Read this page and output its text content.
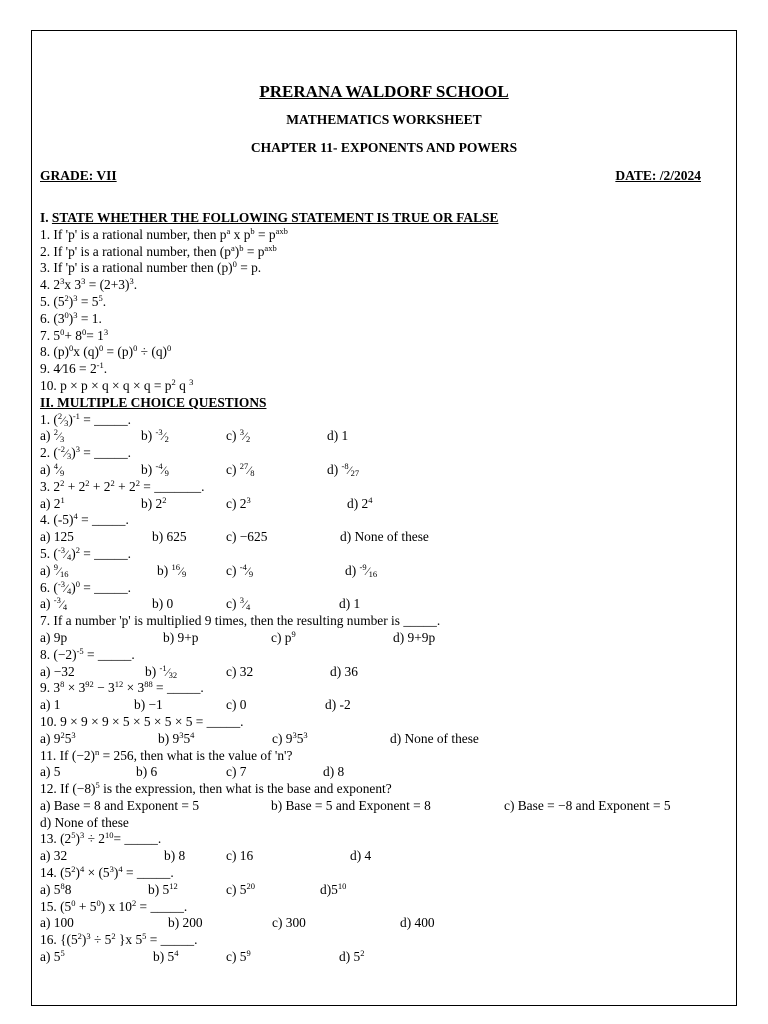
PRERANA WALDORF SCHOOL
MATHEMATICS WORKSHEET
CHAPTER 11- EXPONENTS AND POWERS
GRADE: VII	DATE: /2/2024
I. STATE WHETHER THE FOLLOWING STATEMENT IS TRUE OR FALSE
1. If 'p' is a rational number, then $p^a$ x $p^b = p^{axb}$
2. If 'p' is a rational number, then $(p^a)^b = p^{axb}$
3. If 'p' is a rational number then $(p)^0 = p$.
4. $2^3x$ $3^3 = (2+3)^3$.
5. $(5^2)^3 = 5^5$.
6. $(3^0)^3 = 1$.
7. $5^0+ 8^0= 1^3$
8. $(p)^0x$ $(q)^0 = (p)^0 \div (q)^0$
9. 4⁄16 = $2^{-1}$.
10. $p \times p \times q \times q \times q = p^2$ q $^3$
II. MULTIPLE CHOICE QUESTIONS
1. $(^2⁄_3)^{-1}$ = _____.
a) $^2⁄_3$	b) $^{-3}⁄_2$	c) $^3⁄_2$	d) 1
2. $(^{-2}⁄_3)^3$ = _____.
a) $^4⁄_9$	b) $^{-4}⁄_9$	c) $^{27}⁄_8$	d) $^{-8}⁄_{27}$
3. $2^2 + 2^2 + 2^2 + 2^2$ = _______.
a) $2^1$	b) $2^2$	c) $2^3$	d) $2^4$
4. $(-5)^4$ = _____.
a) 125	b) 625	c) −625	d) None of these
5. $(^{-3}⁄_4)^2$ = _____.
a) $^9⁄_{16}$	b) $^{16}⁄_9$	c) $^{-4}⁄_9$	d) $^{-9}⁄_{16}$
6. $(^{-3}⁄_4)^0$ = _____.
a) $^{-3}⁄_4$	b) 0	c) $^3⁄_4$	d) 1
7. If a number 'p' is multiplied 9 times, then the resulting number is _____.
a) 9p	b) 9+p	c) $p^9$	d) 9+9p
8. $(-2)^{-5}$ = _____.
a) −32	b) $^{-1}⁄_{32}$	c) 32	d) 36
9. $3^8 \times 3^{92} - 3^{12} \times 3^{88}$ = _____.
a) 1	b) −1	c) 0	d) -2
10. 9 × 9 × 9 × 5 × 5 × 5 × 5 = _____.
a) $9^25^3$	b) $9^35^4$	c) $9^35^3$	d) None of these
11. If $(-2)^n = 256$, then what is the value of 'n'?
a) 5	b) 6	c) 7	d) 8
12. If $(-8)^5$ is the expression, then what is the base and exponent?
a) Base = 8 and Exponent = 5	b) Base = 5 and Exponent = 8	c) Base = −8 and Exponent = 5
d) None of these
13. $(2^5)^3 \div 2^{10}=$ _____.
a) 32	b) 8	c) 16	d) 4
14. $(5^2)^4 \times (5^3)^4$ = _____.
a) $5^88$	b) $5^{12}$	c) $5^{20}$	$d)5^{10}$
15. $(5^0 + 5^0)$ x $10^2$ = _____.
a) 100	b) 200	c) 300	d) 400
16. {$(5^2)^3 \div 5^2$ }x $5^5$ = _____.
a) $5^5$	b) $5^4$	c) $5^9$	d) $5^2$
